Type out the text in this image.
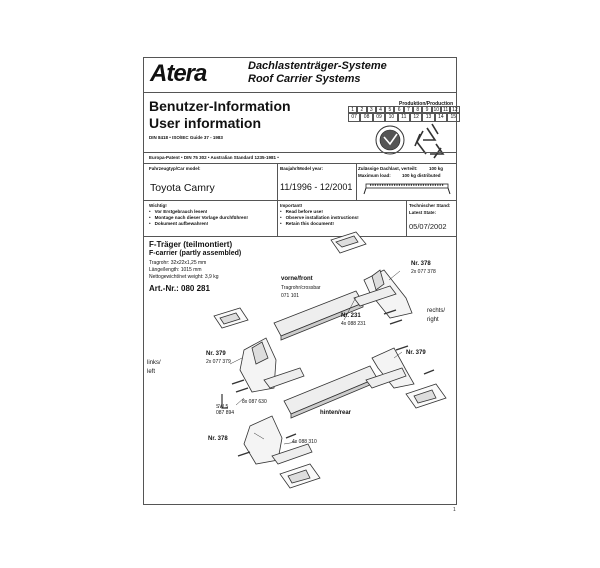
Atera	Dachlastenträger-Systeme
Roof Carrier Systems
Benutzer-Information
User information
DIN 8418 • ISO/IEC Guide 37 - 1983
Produktion/Production
1	2	3	4	5	6	7	8	9	10 11 12
07	08	09	10	11	12	13	14	15
Europa-Patent • DIN 75 302 • Australian Standard 1235-1981 •
Fahrzeugtyp/Car model:
Toyota Camry
Baujahr/Model year:
11/1996 - 12/2001
Zulässige Dachlast, verteilt:	100 kg
Maximum load: 100 kg distributed
Wichtig!
• Vor Erstgebrauch lesen!
• Montage nach dieser Vorlage durchführen!
• Dokument aufbewahren!
Important!
• Read before use!
• Observe installation instructions!
• Retain this document!
Technischer Stand:
Latest State:
05/07/2002
F-Träger (teilmontiert)
F-carrier (partly assembled)
Tragrohr: 32x22x1,25 mm
Länge/length: 1015 mm
Nettogewicht/net weight: 3,9 kg
Art.-Nr.: 080 281
vorne/front
Tragrohr/crossbar
071 101
Nr. 378
2x 077 378
rechts/
right
Nr. 231
4x 088 231
Nr. 379
2x 077 379
Nr. 379
links/
left
8x 087 630
SW 5
087 894	hinten/rear
Nr. 378	4x 088 310
1
